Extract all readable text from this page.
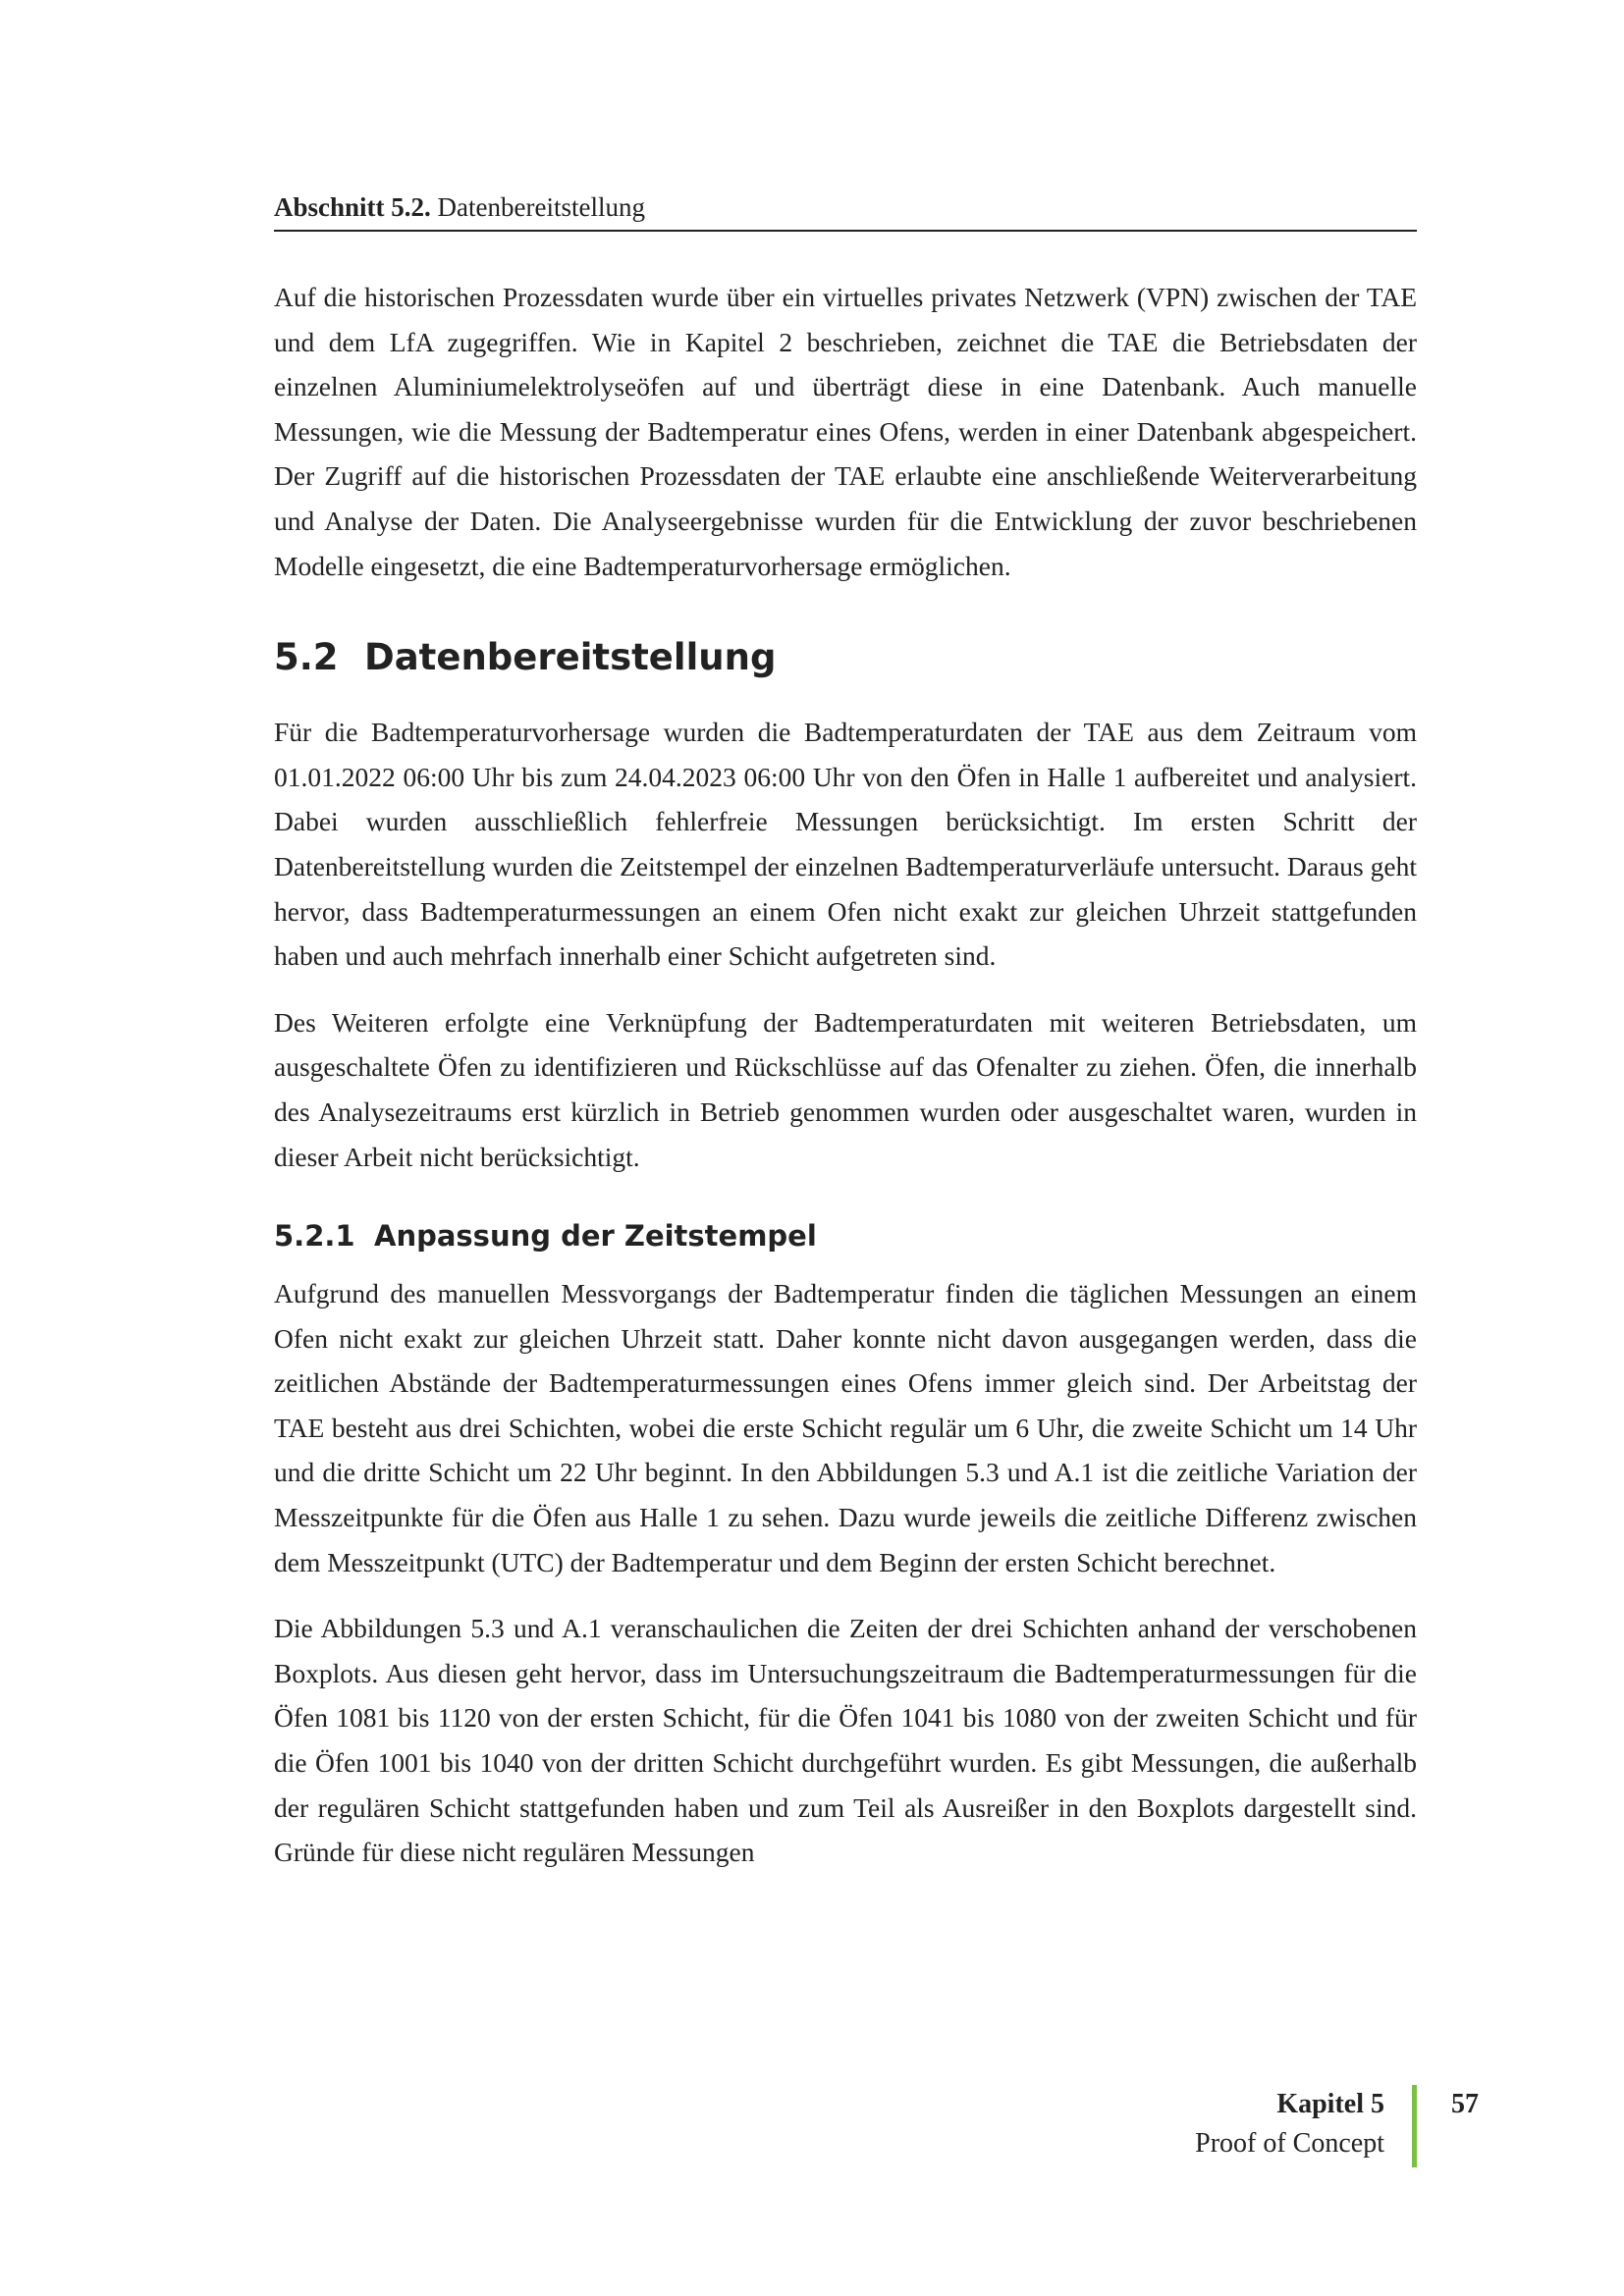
Abschnitt 5.2. Datenbereitstellung

Auf die historischen Prozessdaten wurde über ein virtuelles privates Netzwerk (VPN) zwischen der TAE und dem LfA zugegriffen. Wie in Kapitel 2 beschrieben, zeichnet die TAE die Betriebsdaten der einzelnen Aluminiumelektrolyseöfen auf und überträgt diese in eine Datenbank. Auch manuelle Messungen, wie die Messung der Badtemperatur eines Ofens, werden in einer Datenbank abgespeichert. Der Zugriff auf die historischen Prozessdaten der TAE erlaubte eine anschließende Weiterverarbeitung und Analyse der Daten. Die Analyseergebnisse wurden für die Entwicklung der zuvor beschriebenen Modelle eingesetzt, die eine Badtemperaturvorhersage ermöglichen.

5.2 Datenbereitstellung

Für die Badtemperaturvorhersage wurden die Badtemperaturdaten der TAE aus dem Zeitraum vom 01.01.2022 06:00 Uhr bis zum 24.04.2023 06:00 Uhr von den Öfen in Halle 1 aufbereitet und analysiert. Dabei wurden ausschließlich fehlerfreie Messungen berücksichtigt. Im ersten Schritt der Datenbereitstellung wurden die Zeitstempel der einzelnen Badtemperaturverläufe untersucht. Daraus geht hervor, dass Badtemperaturmessungen an einem Ofen nicht exakt zur gleichen Uhrzeit stattgefunden haben und auch mehrfach innerhalb einer Schicht aufgetreten sind.

Des Weiteren erfolgte eine Verknüpfung der Badtemperaturdaten mit weiteren Betriebsdaten, um ausgeschaltete Öfen zu identifizieren und Rückschlüsse auf das Ofenalter zu ziehen. Öfen, die innerhalb des Analysezeitraums erst kürzlich in Betrieb genommen wurden oder ausgeschaltet waren, wurden in dieser Arbeit nicht berücksichtigt.

5.2.1 Anpassung der Zeitstempel

Aufgrund des manuellen Messvorgangs der Badtemperatur finden die täglichen Messungen an einem Ofen nicht exakt zur gleichen Uhrzeit statt. Daher konnte nicht davon ausgegangen werden, dass die zeitlichen Abstände der Badtemperaturmessungen eines Ofens immer gleich sind. Der Arbeitstag der TAE besteht aus drei Schichten, wobei die erste Schicht regulär um 6 Uhr, die zweite Schicht um 14 Uhr und die dritte Schicht um 22 Uhr beginnt. In den Abbildungen 5.3 und A.1 ist die zeitliche Variation der Messzeitpunkte für die Öfen aus Halle 1 zu sehen. Dazu wurde jeweils die zeitliche Differenz zwischen dem Messzeitpunkt (UTC) der Badtemperatur und dem Beginn der ersten Schicht berechnet.

Die Abbildungen 5.3 und A.1 veranschaulichen die Zeiten der drei Schichten anhand der verschobenen Boxplots. Aus diesen geht hervor, dass im Untersuchungszeitraum die Badtemperaturmessungen für die Öfen 1081 bis 1120 von der ersten Schicht, für die Öfen 1041 bis 1080 von der zweiten Schicht und für die Öfen 1001 bis 1040 von der dritten Schicht durchgeführt wurden. Es gibt Messungen, die außerhalb der regulären Schicht stattgefunden haben und zum Teil als Ausreißer in den Boxplots dargestellt sind. Gründe für diese nicht regulären Messungen

Kapitel 5
Proof of Concept
57
